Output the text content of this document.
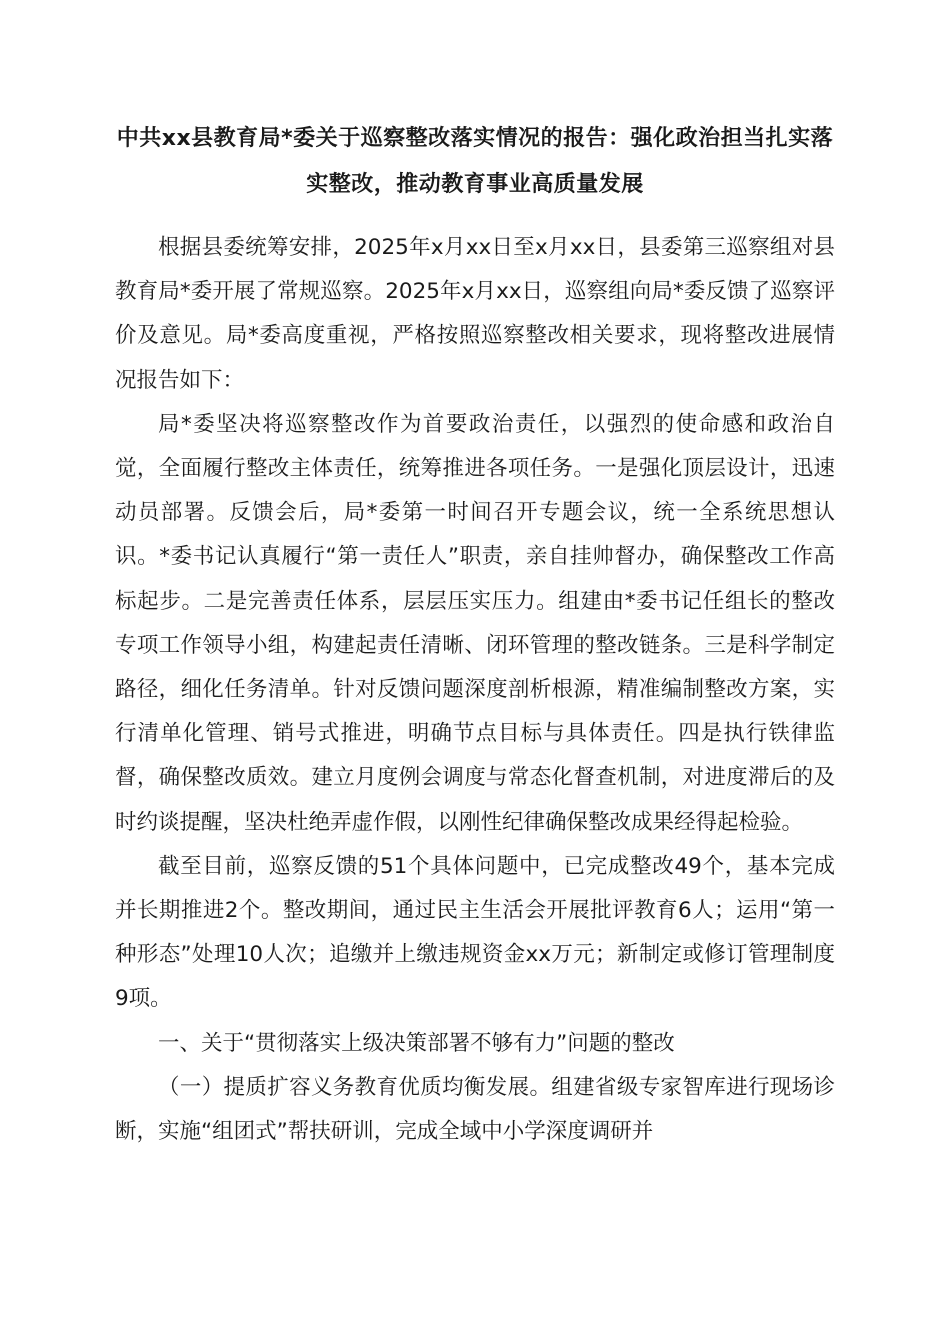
中共xx县教育局*委关于巡察整改落实情况的报告：强化政治担当扎实落实整改，推动教育事业高质量发展

根据县委统筹安排，2025年x月xx日至x月xx日，县委第三巡察组对县教育局*委开展了常规巡察。2025年x月xx日，巡察组向局*委反馈了巡察评价及意见。局*委高度重视，严格按照巡察整改相关要求，现将整改进展情况报告如下：

局*委坚决将巡察整改作为首要政治责任，以强烈的使命感和政治自觉，全面履行整改主体责任，统筹推进各项任务。一是强化顶层设计，迅速动员部署。反馈会后，局*委第一时间召开专题会议，统一全系统思想认识。*委书记认真履行“第一责任人”职责，亲自挂帅督办，确保整改工作高标起步。二是完善责任体系，层层压实压力。组建由*委书记任组长的整改专项工作领导小组，构建起责任清晰、闭环管理的整改链条。三是科学制定路径，细化任务清单。针对反馈问题深度剖析根源，精准编制整改方案，实行清单化管理、销号式推进，明确节点目标与具体责任。四是执行铁律监督，确保整改质效。建立月度例会调度与常态化督查机制，对进度滞后的及时约谈提醒，坚决杜绝弄虚作假，以刚性纪律确保整改成果经得起检验。

截至目前，巡察反馈的51个具体问题中，已完成整改49个，基本完成并长期推进2个。整改期间，通过民主生活会开展批评教育6人；运用“第一种形态”处理10人次；追缴并上缴违规资金xx万元；新制定或修订管理制度9项。

一、关于“贯彻落实上级决策部署不够有力”问题的整改

（一）提质扩容义务教育优质均衡发展。组建省级专家智库进行现场诊断，实施“组团式”帮扶研训，完成全域中小学深度调研并
